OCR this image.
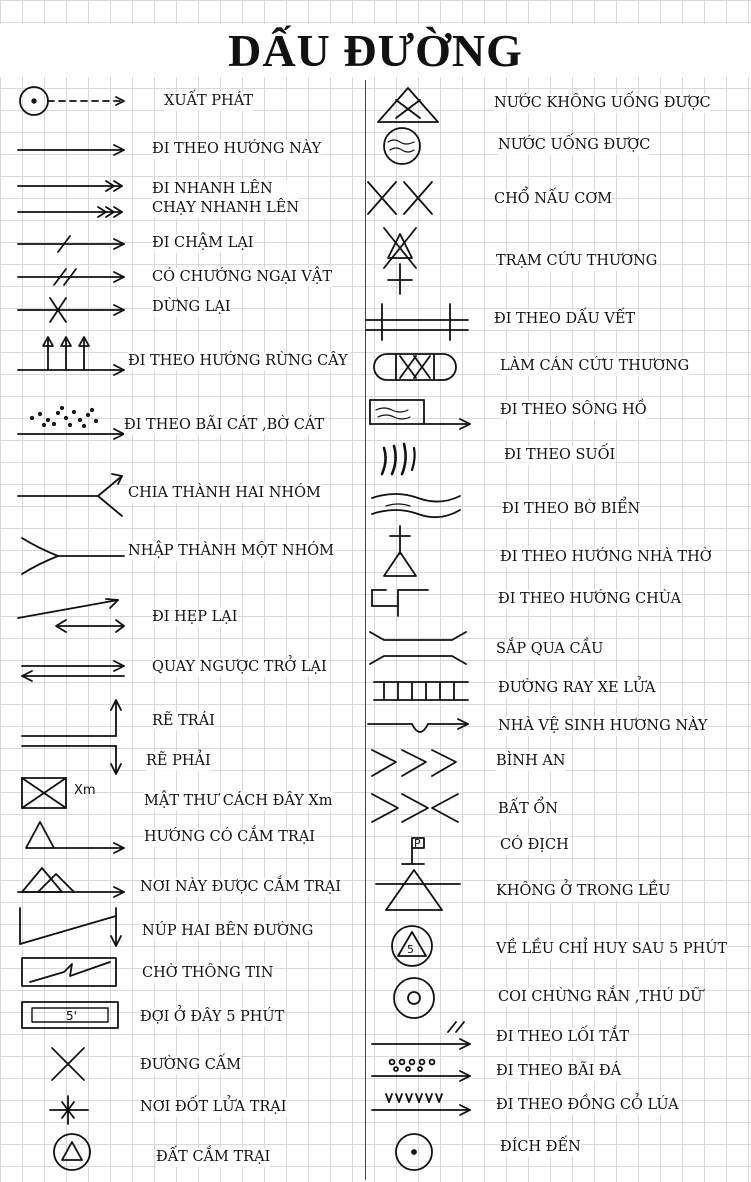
DẤU ĐƯỜNG
Xm
5'
XUẤT PHÁT
ĐI THEO HƯỚNG NÀY
ĐI NHANH LÊN
CHẠY NHANH LÊN
ĐI CHẬM LẠI
CÓ CHƯỚNG NGẠI VẬT
DỪNG LẠI
ĐI THEO HƯỚNG RỪNG CÂY
ĐI THEO BÃI CÁT ,BỜ CÁT
CHIA THÀNH HAI NHÓM
NHẬP THÀNH MỘT NHÓM
ĐI HẸP LẠI
QUAY NGƯỢC TRỞ LẠI
RẼ TRÁI
RẼ PHẢI
MẬT THƯ CÁCH ĐÂY Xm
HƯỚNG CÓ CẮM TRẠI
NƠI NÀY ĐƯỢC CẮM TRẠI
NÚP HAI BÊN ĐƯỜNG
CHỜ THÔNG TIN
ĐỢI Ở ĐÂY 5 PHÚT
ĐƯỜNG CẤM
NƠI ĐỐT LỬA TRẠI
ĐẤT CẮM TRẠI
P
5
NƯỚC KHÔNG UỐNG ĐƯỢC
NƯỚC UỐNG ĐƯỢC
CHỔ NẤU CƠM
TRẠM CỨU THƯƠNG
ĐI THEO DẤU VẾT
LÀM CÁN CỨU THƯƠNG
ĐI THEO SÔNG HỒ
ĐI THEO SUỐI
ĐI THEO BỜ BIỂN
ĐI THEO HƯỚNG NHÀ THỜ
ĐI THEO HƯỚNG CHÙA
SẮP QUA CẦU
ĐƯỜNG RAY XE LỬA
NHÀ VỆ SINH HƯƠNG NÀY
BÌNH AN
BẤT ỔN
CÓ ĐỊCH
KHÔNG Ở TRONG LỀU
VỀ LỀU CHỈ HUY SAU 5 PHÚT
COI CHỪNG RẮN ,THÚ DỮ
ĐI THEO LỐI TẮT
ĐI THEO BÃI ĐÁ
ĐI THEO ĐỒNG CỎ LÚA
ĐÍCH ĐẾN
